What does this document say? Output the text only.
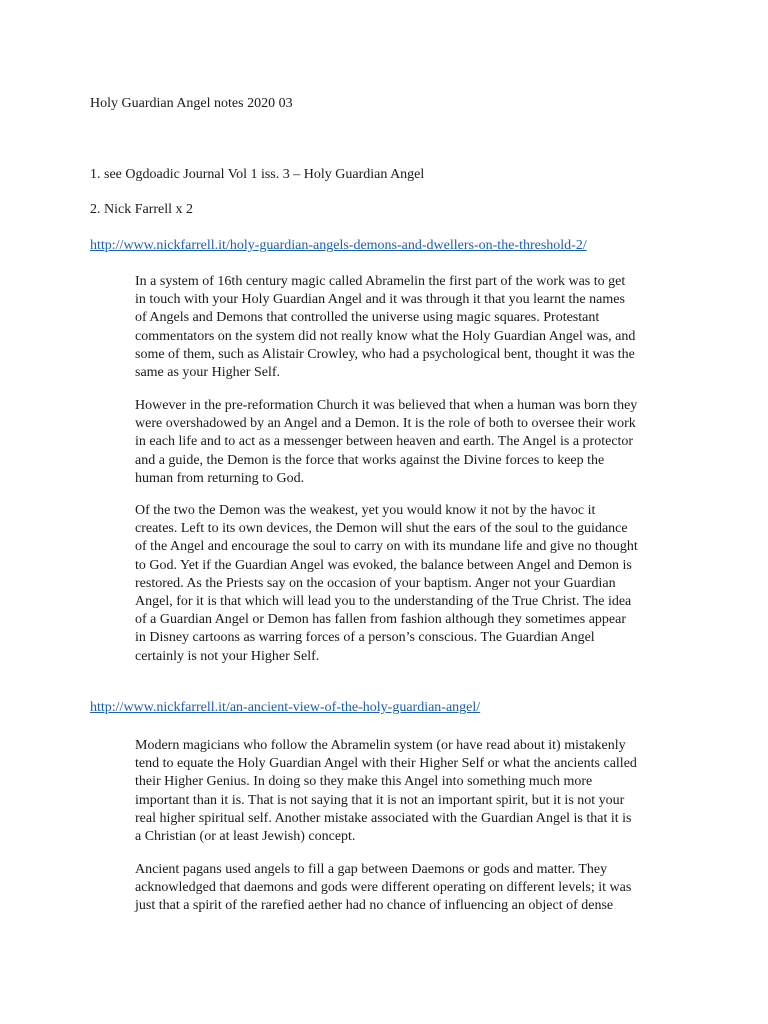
Holy Guardian Angel notes 2020 03
1. see Ogdoadic Journal Vol 1 iss. 3 – Holy Guardian Angel
2. Nick Farrell x 2
http://www.nickfarrell.it/holy-guardian-angels-demons-and-dwellers-on-the-threshold-2/

In a system of 16th century magic called Abramelin the first part of the work was to get

in touch with your Holy Guardian Angel and it was through it that you learnt the names

of Angels and Demons that controlled the universe using magic squares. Protestant

commentators on the system did not really know what the Holy Guardian Angel was, and

some of them, such as Alistair Crowley, who had a psychological bent, thought it was the

same as your Higher Self.

However in the pre-reformation Church it was believed that when a human was born they

were overshadowed by an Angel and a Demon. It is the role of both to oversee their work

in each life and to act as a messenger between heaven and earth. The Angel is a protector

and a guide, the Demon is the force that works against the Divine forces to keep the

human from returning to God.

Of the two the Demon was the weakest, yet you would know it not by the havoc it

creates. Left to its own devices, the Demon will shut the ears of the soul to the guidance

of the Angel and encourage the soul to carry on with its mundane life and give no thought

to God. Yet if the Guardian Angel was evoked, the balance between Angel and Demon is

restored. As the Priests say on the occasion of your baptism. Anger not your Guardian

Angel, for it is that which will lead you to the understanding of the True Christ. The idea

of a Guardian Angel or Demon has fallen from fashion although they sometimes appear

in Disney cartoons as warring forces of a person’s conscious. The Guardian Angel

certainly is not your Higher Self.

http://www.nickfarrell.it/an-ancient-view-of-the-holy-guardian-angel/

Modern magicians who follow the Abramelin system (or have read about it) mistakenly

tend to equate the Holy Guardian Angel with their Higher Self or what the ancients called

their Higher Genius. In doing so they make this Angel into something much more

important than it is. That is not saying that it is not an important spirit, but it is not your

real higher spiritual self. Another mistake associated with the Guardian Angel is that it is

a Christian (or at least Jewish) concept.

Ancient pagans used angels to fill a gap between Daemons or gods and matter. They

acknowledged that daemons and gods were different operating on different levels; it was

just that a spirit of the rarefied aether had no chance of influencing an object of dense
